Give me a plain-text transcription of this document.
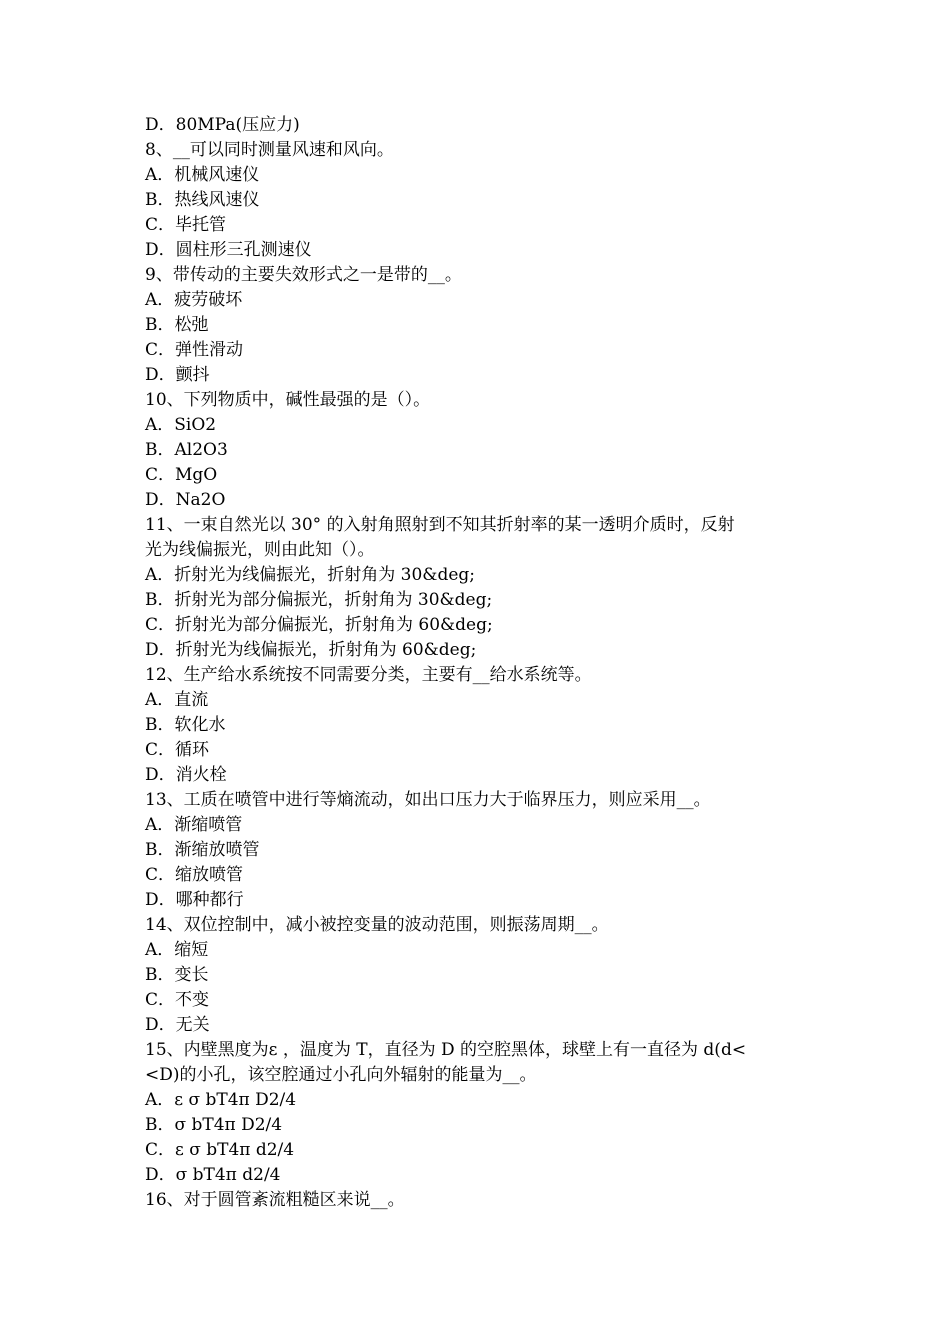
D．80MPa(压应力)
8、__可以同时测量风速和风向。
A．机械风速仪
B．热线风速仪
C．毕托管
D．圆柱形三孔测速仪
9、带传动的主要失效形式之一是带的__。
A．疲劳破坏
B．松弛
C．弹性滑动
D．颤抖
10、下列物质中，碱性最强的是（）。
A．SiO2
B．Al2O3
C．MgO
D．Na2O
11、一束自然光以 30° 的入射角照射到不知其折射率的某一透明介质时，反射
光为线偏振光，则由此知（）。
A．折射光为线偏振光，折射角为 30&deg;
B．折射光为部分偏振光，折射角为 30&deg;
C．折射光为部分偏振光，折射角为 60&deg;
D．折射光为线偏振光，折射角为 60&deg;
12、生产给水系统按不同需要分类，主要有__给水系统等。
A．直流
B．软化水
C．循环
D．消火栓
13、工质在喷管中进行等熵流动，如出口压力大于临界压力，则应采用__。
A．渐缩喷管
B．渐缩放喷管
C．缩放喷管
D．哪种都行
14、双位控制中，减小被控变量的波动范围，则振荡周期__。
A．缩短
B．变长
C．不变
D．无关
15、内壁黑度为ε ，温度为 T，直径为 D 的空腔黑体，球壁上有一直径为 d(d<
<D)的小孔，该空腔通过小孔向外辐射的能量为__。
A．ε σ bT4π D2/4
B．σ bT4π D2/4
C．ε σ bT4π d2/4
D．σ bT4π d2/4
16、对于圆管紊流粗糙区来说__。
